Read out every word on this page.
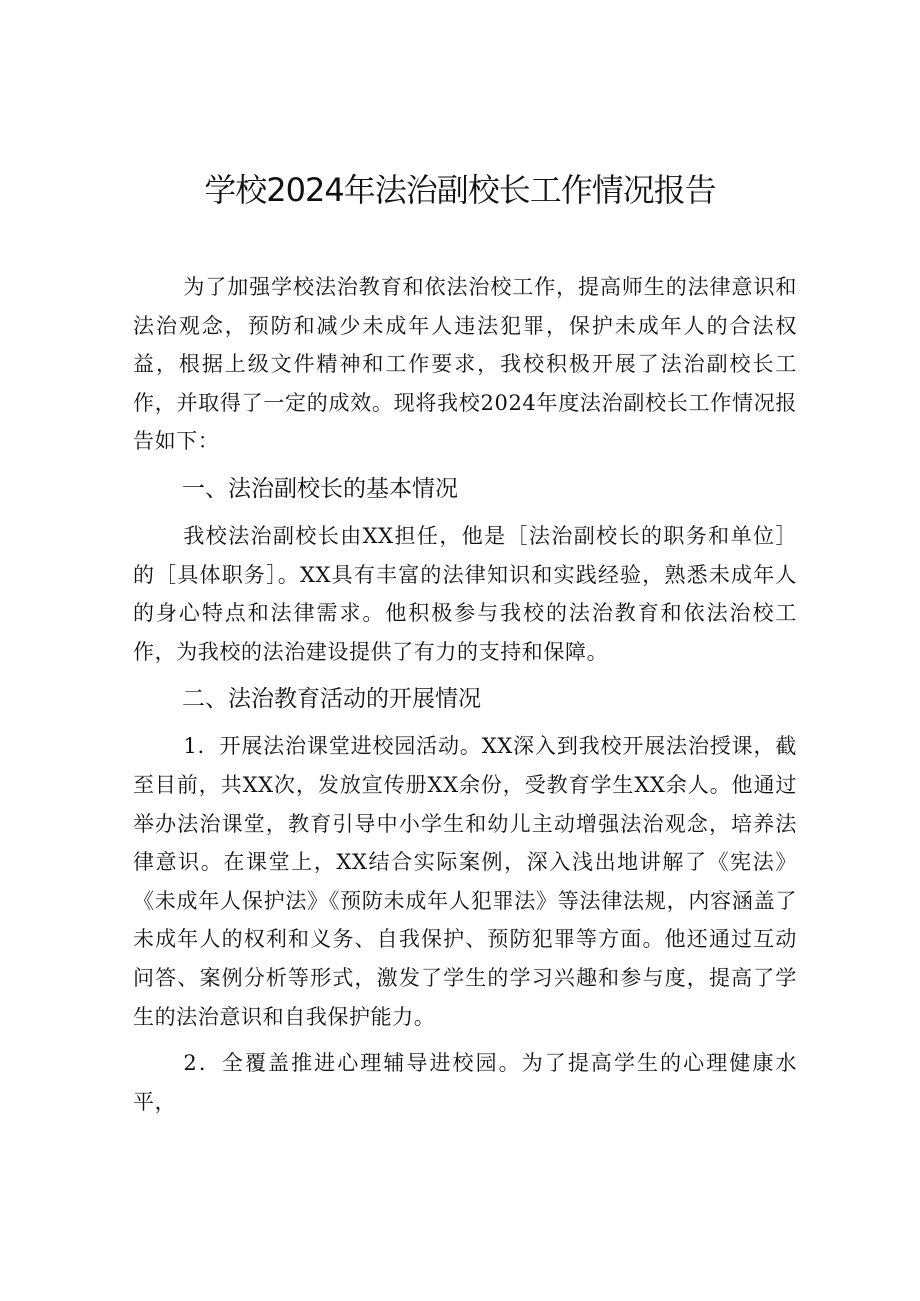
学校2024年法治副校长工作情况报告

为了加强学校法治教育和依法治校工作，提高师生的法律意识和法治观念，预防和减少未成年人违法犯罪，保护未成年人的合法权益，根据上级文件精神和工作要求，我校积极开展了法治副校长工作，并取得了一定的成效。现将我校2024年度法治副校长工作情况报告如下：

一、法治副校长的基本情况

我校法治副校长由XX担任，他是［法治副校长的职务和单位］的［具体职务］。XX具有丰富的法律知识和实践经验，熟悉未成年人的身心特点和法律需求。他积极参与我校的法治教育和依法治校工作，为我校的法治建设提供了有力的支持和保障。

二、法治教育活动的开展情况

1．开展法治课堂进校园活动。XX深入到我校开展法治授课，截至目前，共XX次，发放宣传册XX余份，受教育学生XX余人。他通过举办法治课堂，教育引导中小学生和幼儿主动增强法治观念，培养法律意识。在课堂上，XX结合实际案例，深入浅出地讲解了《宪法》《未成年人保护法》《预防未成年人犯罪法》等法律法规，内容涵盖了未成年人的权利和义务、自我保护、预防犯罪等方面。他还通过互动问答、案例分析等形式，激发了学生的学习兴趣和参与度，提高了学生的法治意识和自我保护能力。

2．全覆盖推进心理辅导进校园。为了提高学生的心理健康水平，
